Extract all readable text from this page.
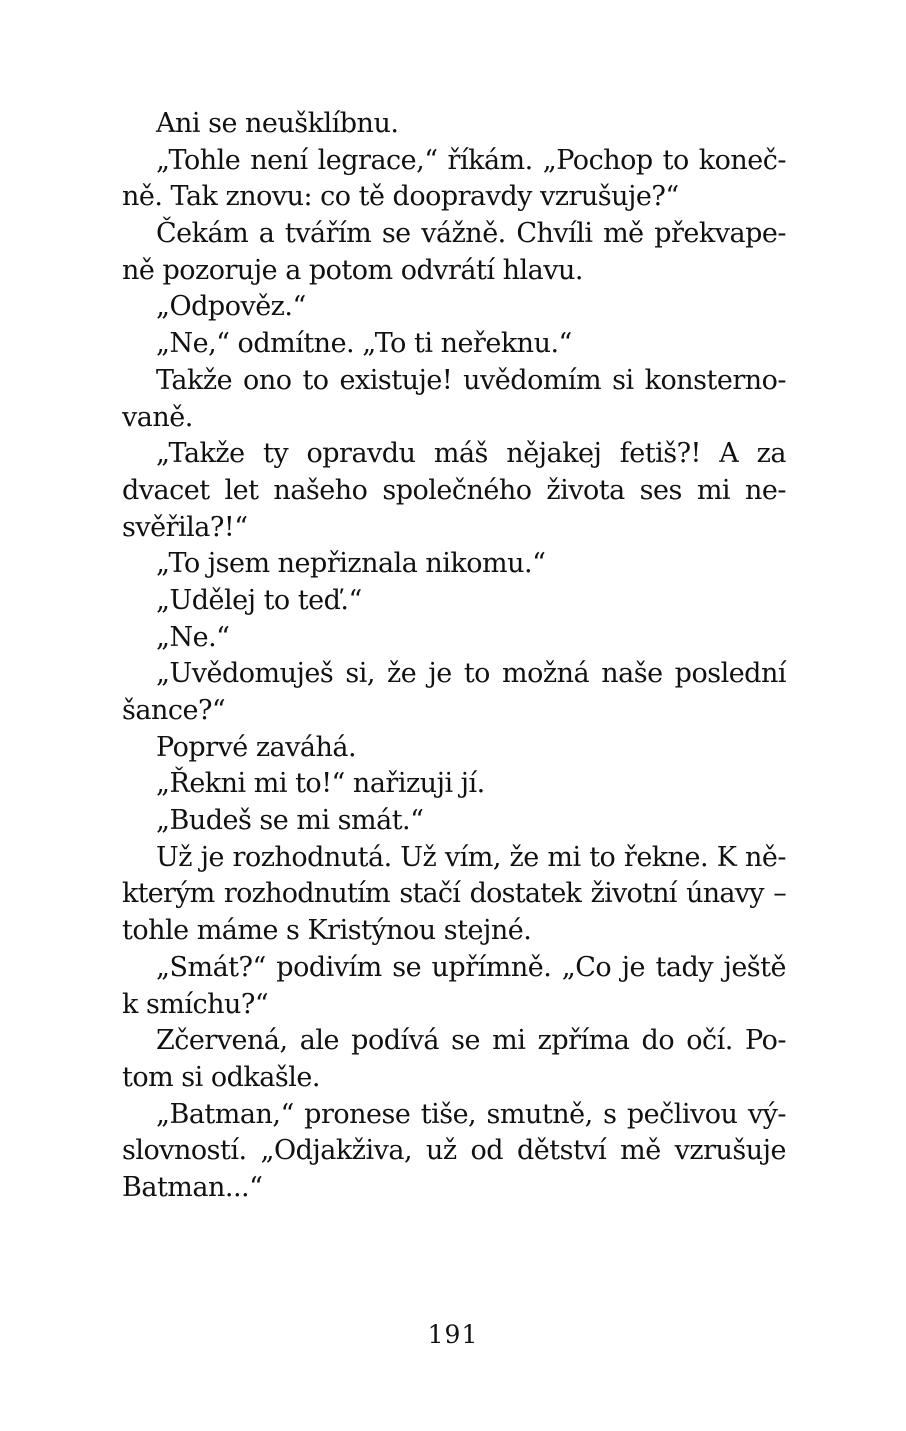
Ani se neušklíbnu.
„Tohle není legrace,“ říkám. „Pochop to koneč-
ně. Tak znovu: co tě doopravdy vzrušuje?“
Čekám a tvářím se vážně. Chvíli mě překvape-
ně pozoruje a potom odvrátí hlavu.
„Odpověz.“
„Ne,“ odmítne. „To ti neřeknu.“
Takže ono to existuje! uvědomím si konsterno-
vaně.
„Takže ty opravdu máš nějakej fetiš?! A za
dvacet let našeho společného života ses mi ne-
svěřila?!“
„To jsem nepřiznala nikomu.“
„Udělej to teď.“
„Ne.“
„Uvědomuješ si, že je to možná naše poslední
šance?“
Poprvé zaváhá.
„Řekni mi to!“ nařizuji jí.
„Budeš se mi smát.“
Už je rozhodnutá. Už vím, že mi to řekne. K ně-
kterým rozhodnutím stačí dostatek životní únavy –
tohle máme s Kristýnou stejné.
„Smát?“ podivím se upřímně. „Co je tady ještě
k smíchu?“
Zčervená, ale podívá se mi zpříma do očí. Po-
tom si odkašle.
„Batman,“ pronese tiše, smutně, s pečlivou vý-
slovností. „Odjakživa, už od dětství mě vzrušuje
Batman...“
191
